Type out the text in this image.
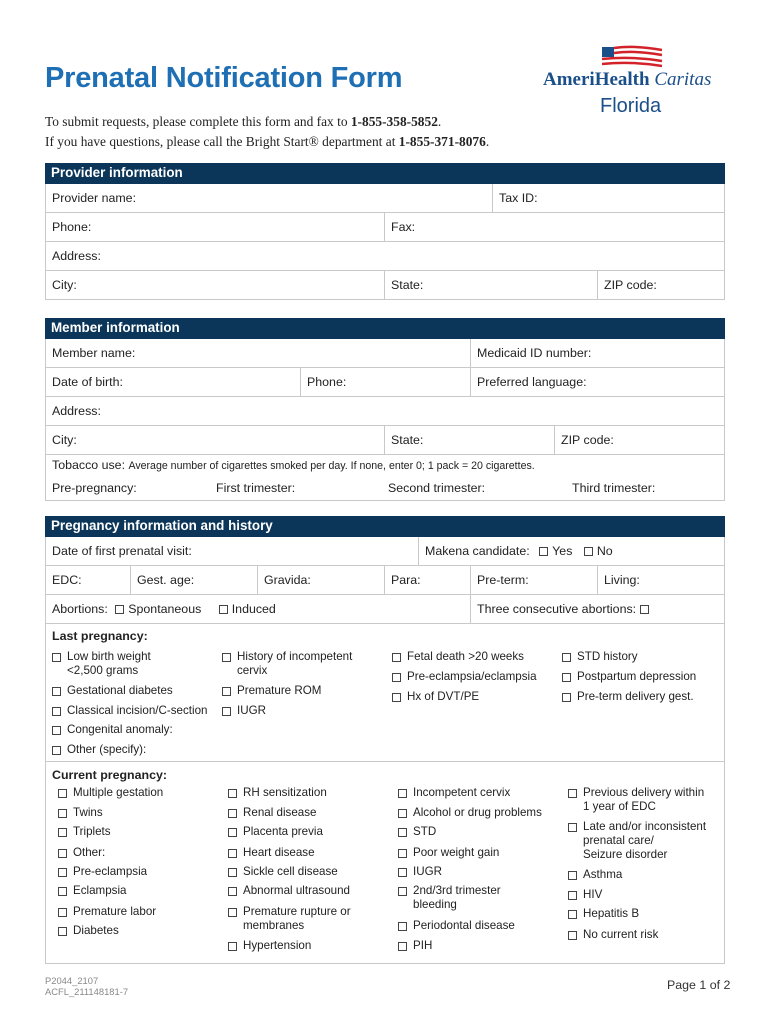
Prenatal Notification Form
To submit requests, please complete this form and fax to 1-855-358-5852.
If you have questions, please call the Bright Start® department at 1-855-371-8076.
AmeriHealth Caritas
Florida
Provider information
Provider name:	Tax ID:
Phone:	Fax:
Address:
City:	State:	ZIP code:
Member information
Member name:	Medicaid ID number:
Date of birth:	Phone:	Preferred language:
Address:
City:	State:	ZIP code:
Tobacco use: Average number of cigarettes smoked per day. If none, enter 0; 1 pack = 20 cigarettes.
Pre-pregnancy:	First trimester:	Second trimester:	Third trimester:
Pregnancy information and history
Date of first prenatal visit:	Makena candidate: Yes No
EDC:	Gest. age:	Gravida:	Para:	Pre-term:	Living:
Abortions: Spontaneous Induced	Three consecutive abortions:
Last pregnancy:
Low birth weight
<2,500 grams
History of incompetent
cervix
Fetal death >20 weeks	STD history
Pre-eclampsia/eclampsia	Postpartum depression
Gestational diabetes	Premature ROM	Hx of DVT/PE	Pre-term delivery gest.
Classical incision/C-section	IUGR
Congenital anomaly:
Other (specify):
Current pregnancy:
Multiple gestation
Twins
Triplets
Other:
Pre-eclampsia
Eclampsia
Premature labor
Diabetes
RH sensitization
Renal disease
Placenta previa
Heart disease
Sickle cell disease
Abnormal ultrasound
Premature rupture or
membranes
Hypertension
Incompetent cervix
Alcohol or drug problems
STD
Poor weight gain
IUGR
2nd/3rd trimester
bleeding
Periodontal disease
PIH
Previous delivery within
1 year of EDC
Late and/or inconsistent
prenatal care/
Seizure disorder
Asthma
HIV
Hepatitis B
No current risk
P2044_2107
ACFL_211148181-7	Page 1 of 2
